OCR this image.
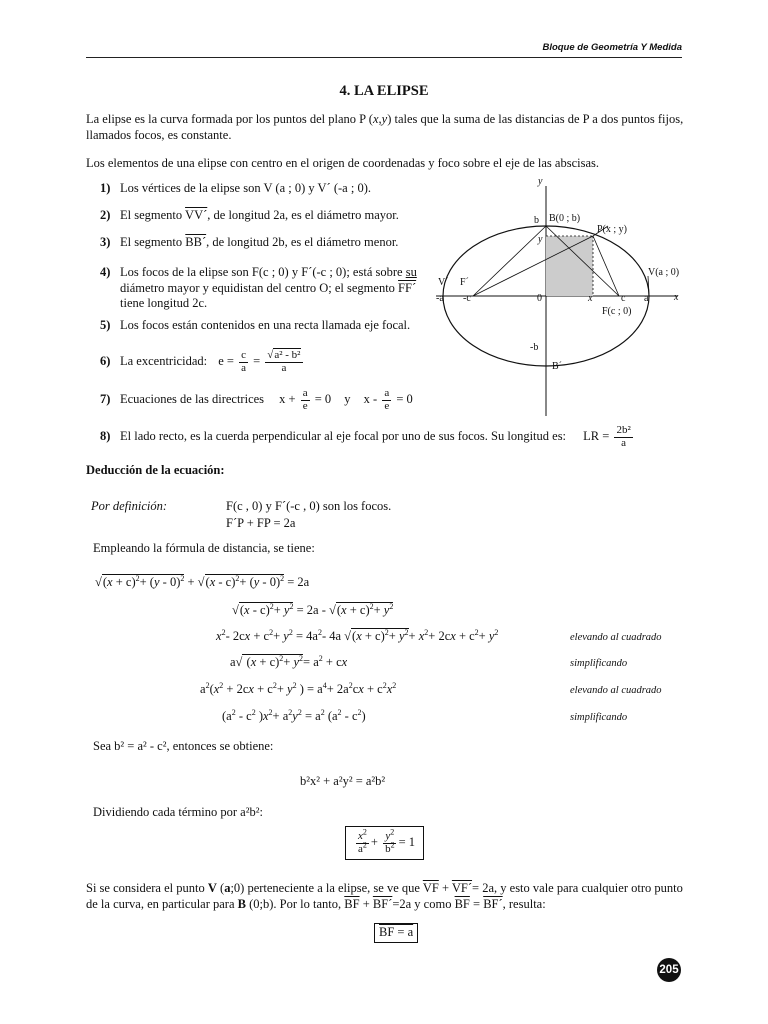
Bloque de Geometría Y Medida
4. LA ELIPSE
La elipse es la curva formada por los puntos del plano P (x,y) tales que la suma de las distancias de P a dos puntos fijos, llamados focos, es constante.
Los elementos de una elipse con centro en el origen de coordenadas y foco sobre el eje de las abscisas.
1) Los vértices de la elipse son V (a ; 0) y V´ (-a ; 0).
2) El segmento VV´, de longitud 2a, es el diámetro mayor.
3) El segmento BB´, de longitud 2b, es el diámetro menor.
4) Los focos de la elipse son F(c ; 0) y F´(-c ; 0); está sobre su diámetro mayor y equidistan del centro O; el segmento FF´ tiene longitud 2c.
5) Los focos están contenidos en una recta llamada eje focal.
6) La excentricidad: $e = \frac{c}{a} = \frac{\text{√a² - b²}}{a}$
7) Ecuaciones de las directrices $x + \frac{a}{e} = 0$ y $x - \frac{a}{e} = 0$
8) El lado recto, es la cuerda perpendicular al eje focal por uno de sus focos. Su longitud es: LR = $\frac{\text{2b²}}{a}$
y
x
b B(0 ; b)
P(x ; y)
y
V(a ; 0)
V´ F´
-a -c	0	x	c a
F(c ; 0)
-b
B´
Deducción de la ecuación:
Por definición:	F(c , 0) y F´(-c , 0) son los focos.
F´P + FP = 2a
Empleando la fórmula de distancia, se tiene:
$√(x + c)^2+ (y - 0)^2 + √(x - c)^2+ (y - 0)^2 = 2a$
$√(x - c)^2+ y^2 = 2a - √(x + c)^2+ y^2$
$x^2-$ $2cx + c^2+ y^2 = 4a^2-$ 4a $√(x + c)^2+ y^2+ x^2+ 2cx + c^2+ y^2$	elevando al cuadrado
a√ $(x + c)^2+ y^2= a^2$ + cx	simplificando
$a^2(x^2 + 2cx + c^2+ y^2$ ) = $a^4+ 2a^2cx + c^2x^2$	elevando al cuadrado
($a^2 - c^2$ )$x^2+ a^2y^2 = a^2$ $(a^2 - c^2)$	simplificando
Sea b² = a² - c², entonces se obtiene:
b²x² + a²y² = a²b²
Dividiendo cada término por a²b²:
$\frac{x^2}{a^2} + \frac{y^2}{b^2} = 1$
Si se considera el punto V (a;0) perteneciente a la elipse, se ve que $\overline{VF}$ + VF´= 2a, y esto vale para cualquier otro punto de la curva, en particular para B (0;b). Por lo tanto, $\overline{BF}$ + BF´=2a y como $\overline{BF}$ = BF´, resulta:
BF = a
205
